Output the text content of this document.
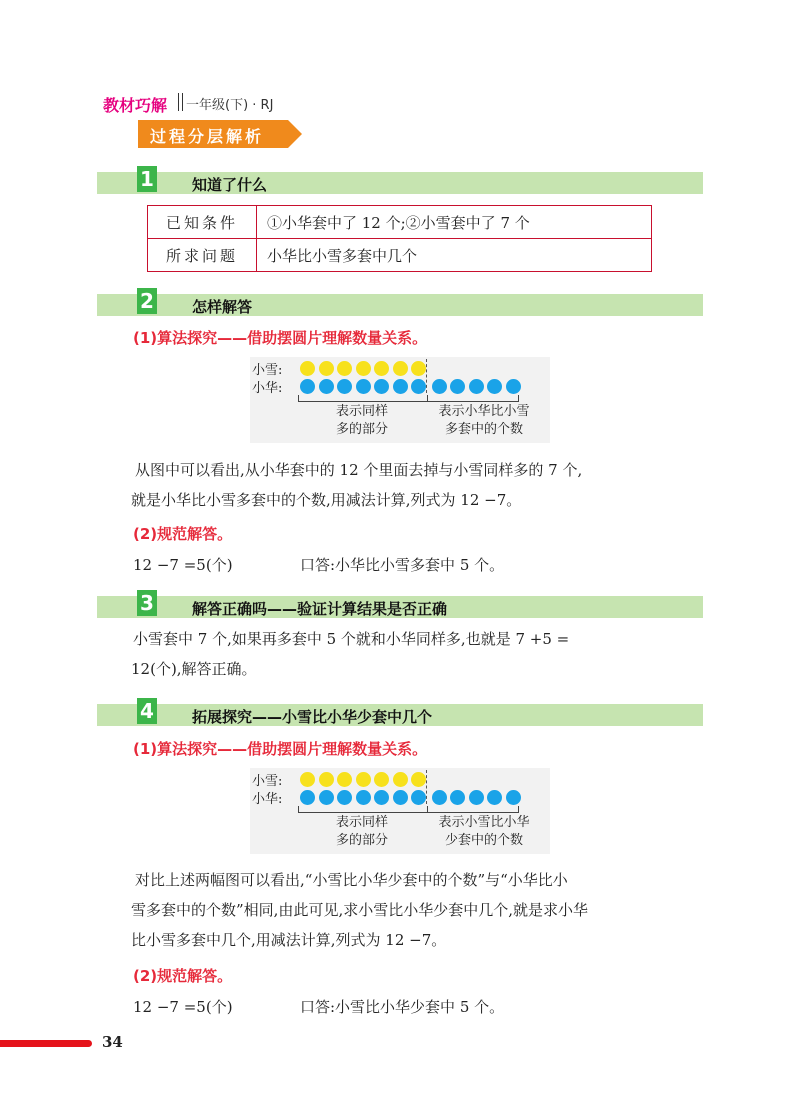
教材巧解 一年级(下) · RJ
过程分层解析
1	知道了什么
已知条件	①小华套中了 12 个;②小雪套中了 7 个
所求问题	小华比小雪多套中几个
2	怎样解答
(1)算法探究——借助摆圆片理解数量关系。
小雪:
小华:
表示同样
多的部分
表示小华比小雪
多套中的个数
从图中可以看出,从小华套中的 12 个里面去掉与小雪同样多的 7 个,
就是小华比小雪多套中的个数,用减法计算,列式为 12 −7。
(2)规范解答。
12 −7 =5(个)	口答:小华比小雪多套中 5 个。
3	解答正确吗——验证计算结果是否正确
小雪套中 7 个,如果再多套中 5 个就和小华同样多,也就是 7 +5 =
12(个),解答正确。
4	拓展探究——小雪比小华少套中几个
(1)算法探究——借助摆圆片理解数量关系。
小雪:
小华:
表示同样
多的部分
表示小雪比小华
少套中的个数
对比上述两幅图可以看出,“小雪比小华少套中的个数”与“小华比小
雪多套中的个数”相同,由此可见,求小雪比小华少套中几个,就是求小华
比小雪多套中几个,用减法计算,列式为 12 −7。
(2)规范解答。
12 −7 =5(个)	口答:小雪比小华少套中 5 个。
34
